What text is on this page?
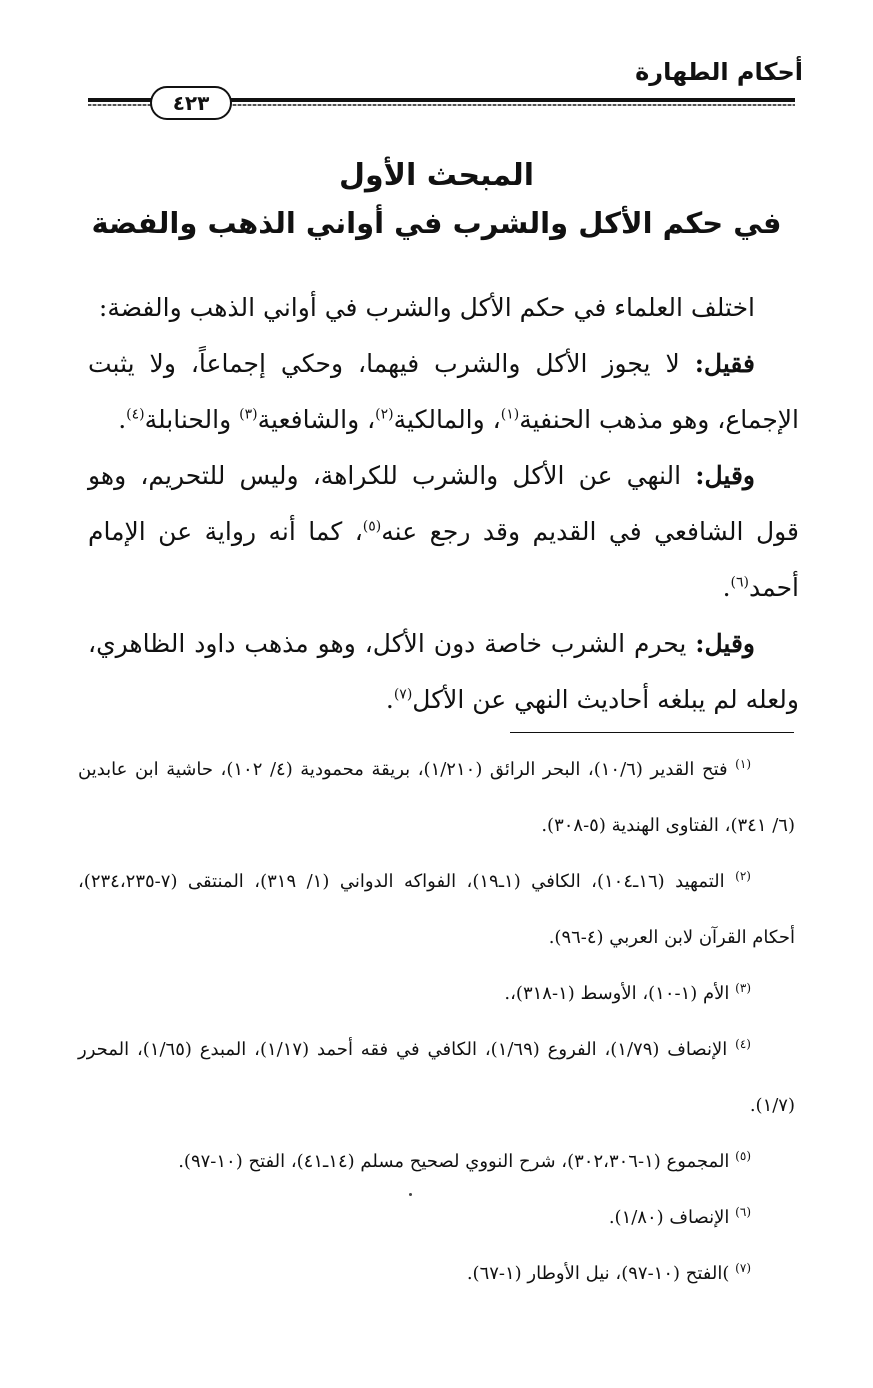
أحكام الطهارة
٤٢٣
المبحث الأول
في حكم الأكل والشرب في أواني الذهب والفضة

اختلف العلماء في حكم الأكل والشرب في أواني الذهب والفضة:

فقيل: لا يجوز الأكل والشرب فيهما، وحكي إجماعاً، ولا يثبت الإجماع، وهو مذهب الحنفية$^{(١)}$، والمالكية$^{(٢)}$، والشافعية$^{(٣)}$ والحنابلة$^{(٤)}$.

وقيل: النهي عن الأكل والشرب للكراهة، وليس للتحريم، وهو قول الشافعي في القديم وقد رجع عنه$^{(٥)}$، كما أنه رواية عن الإمام أحمد$^{(٦)}$.

وقيل: يحرم الشرب خاصة دون الأكل، وهو مذهب داود الظاهري، ولعله لم يبلغه أحاديث النهي عن الأكل$^{(٧)}$.

$^{(١)}$ فتح القدير (١٠/٦)، البحر الرائق (١/٢١٠)، بريقة محمودية (٤/ ١٠٢)، حاشية ابن عابدين (٦/ ٣٤١)، الفتاوى الهندية (٥-٣٠٨).

$^{(٢)}$ التمهيد (١٦ـ١٠٤)، الكافي (١ـ١٩)، الفواكه الدواني (١/ ٣١٩)، المنتقى (٧-٢٣٤،٢٣٥)، أحكام القرآن لابن العربي (٤-٩٦).

$^{(٣)}$ الأم (١-١٠)، الأوسط (١-٣١٨)،.

$^{(٤)}$ الإنصاف (١/٧٩)، الفروع (١/٦٩)، الكافي في فقه أحمد (١/١٧)، المبدع (١/٦٥)، المحرر (١/٧).

$^{(٥)}$ المجموع (١-٣٠٢،٣٠٦)، شرح النووي لصحيح مسلم (١٤ـ٤١)، الفتح (١٠-٩٧).

$^{(٦)}$ الإنصاف (١/٨٠).

$^{(٧)}$ )الفتح (١٠-٩٧)، نيل الأوطار (١-٦٧).
